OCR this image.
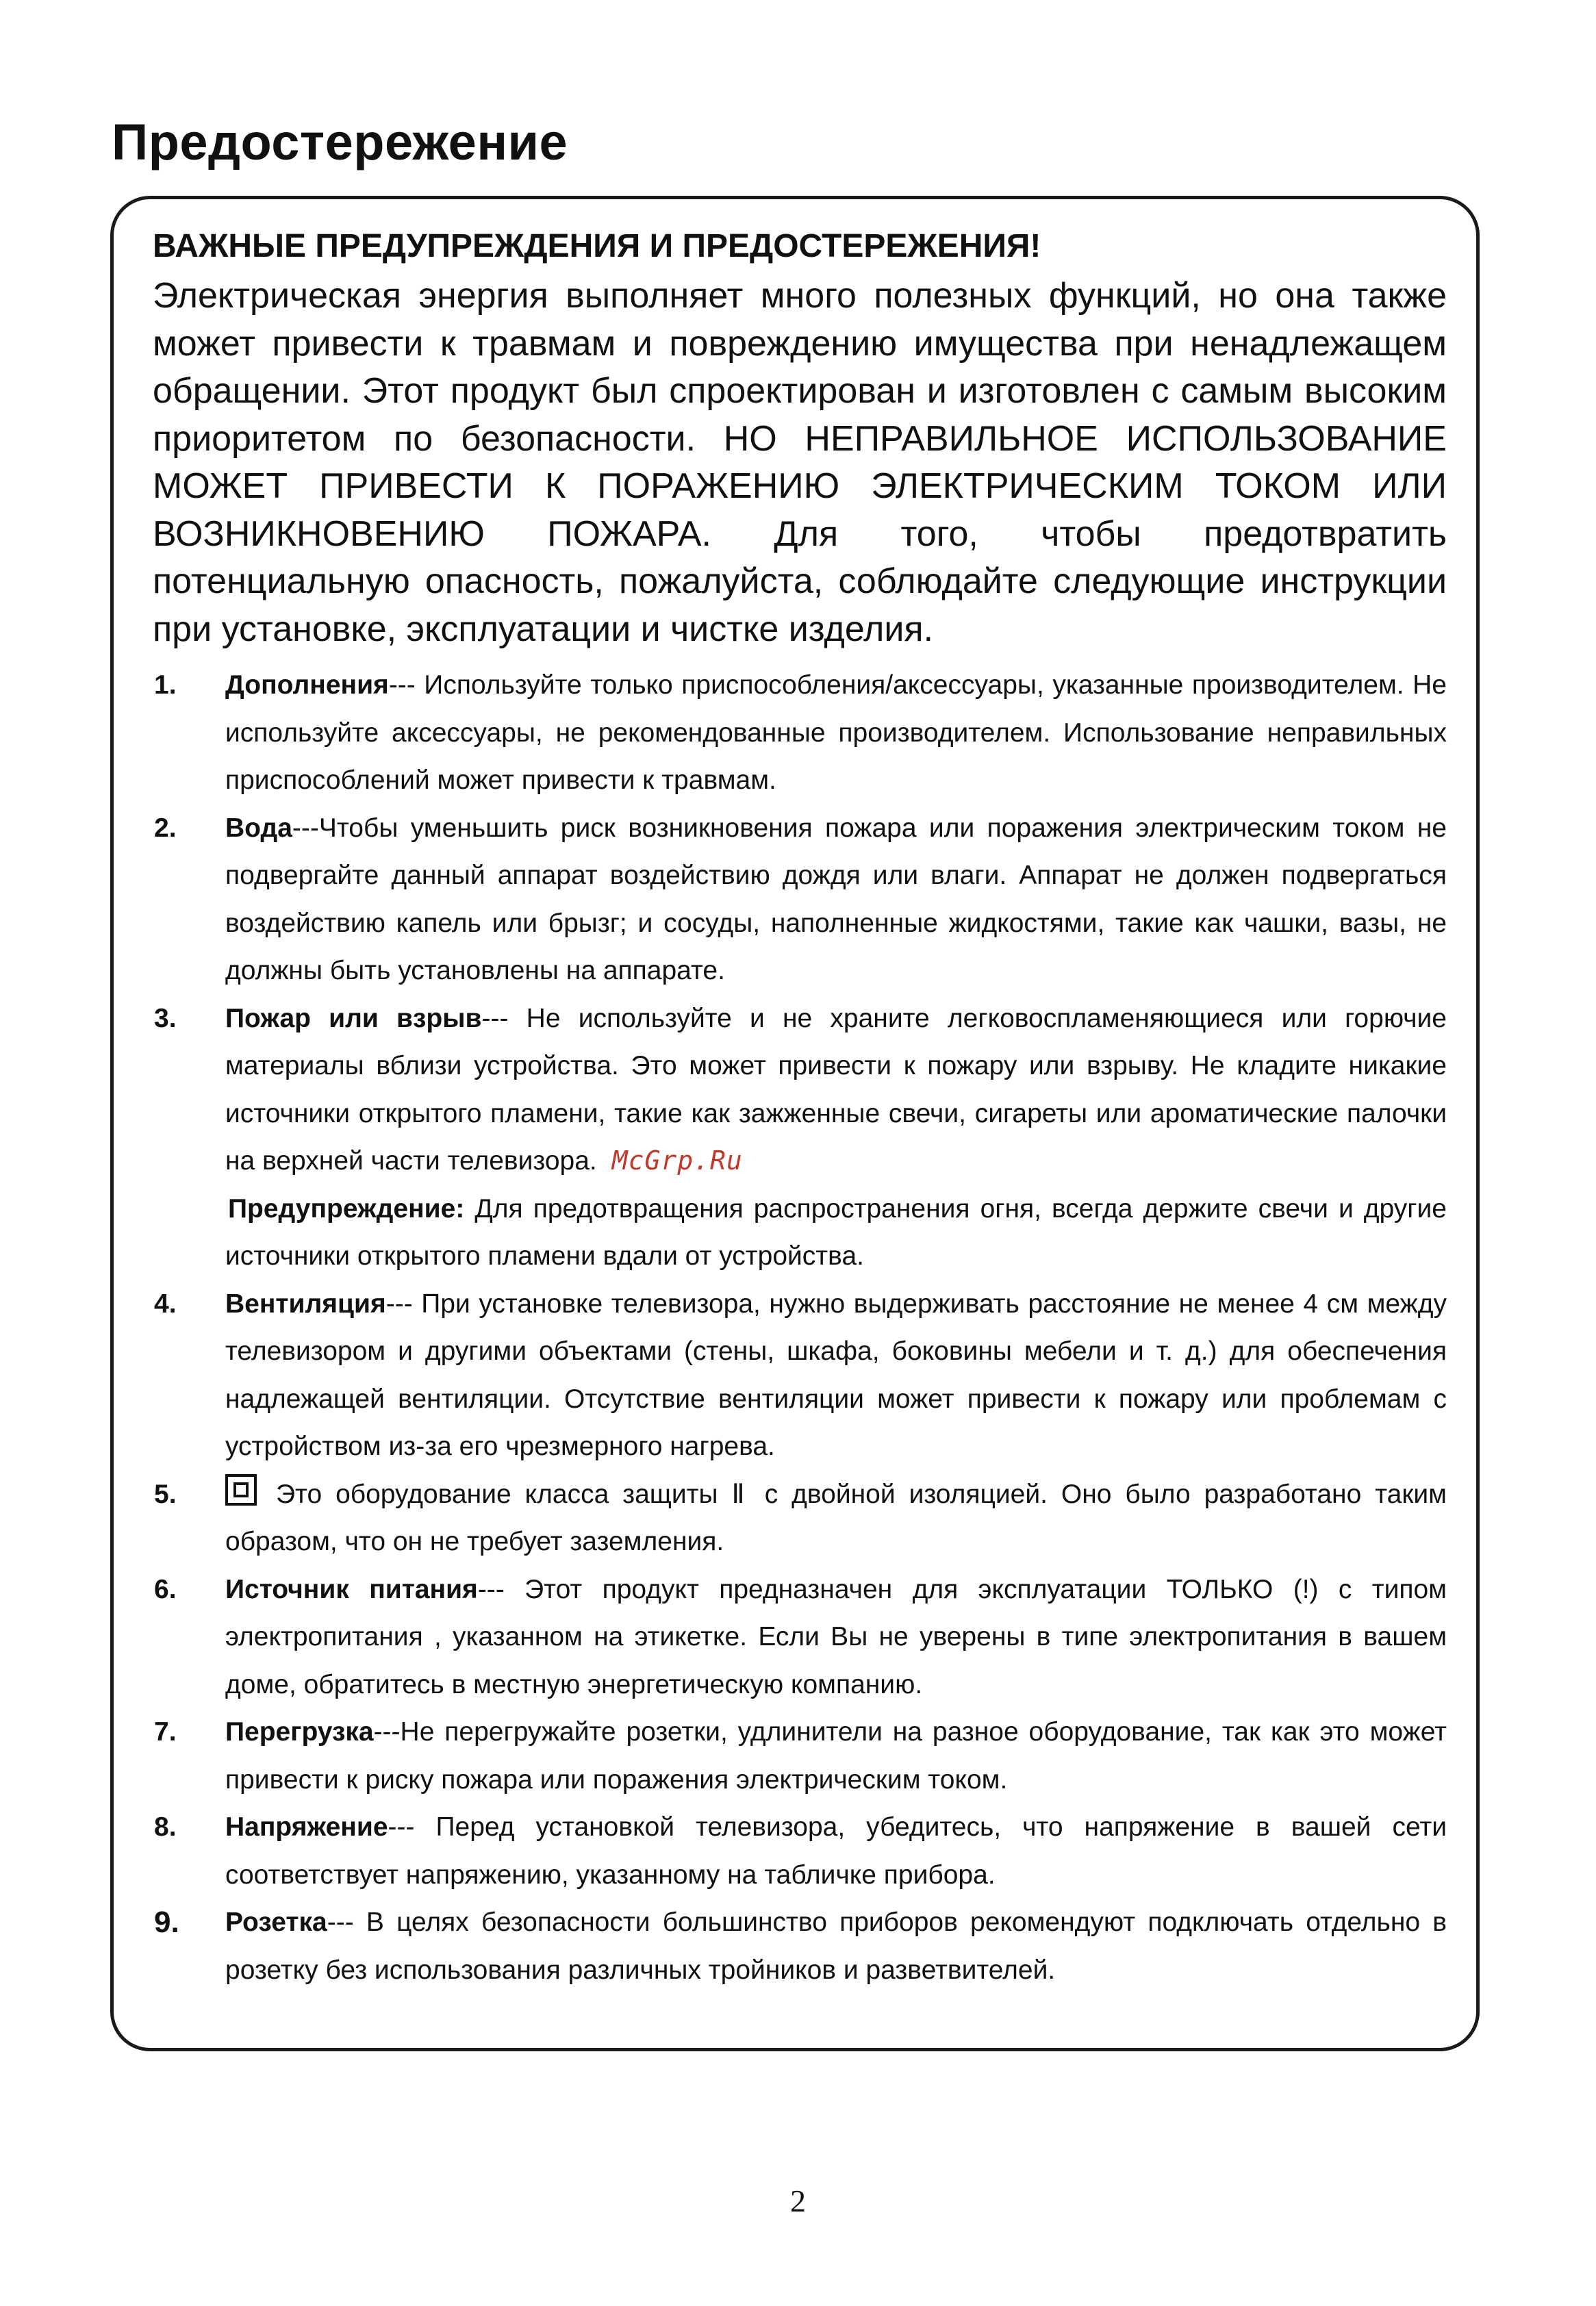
Предостережение
ВАЖНЫЕ ПРЕДУПРЕЖДЕНИЯ И ПРЕДОСТЕРЕЖЕНИЯ!

Электрическая энергия выполняет много полезных функций, но она также может привести к травмам и повреждению имущества при ненадлежащем обращении. Этот продукт был спроектирован и изготовлен с самым высоким приоритетом по безопасности. НО НЕПРАВИЛЬНОЕ ИСПОЛЬЗОВАНИЕ МОЖЕТ ПРИВЕСТИ К ПОРАЖЕНИЮ ЭЛЕКТРИЧЕСКИМ ТОКОМ ИЛИ ВОЗНИКНОВЕНИЮ ПОЖАРА. Для того, чтобы предотвратить потенциальную опасность, пожалуйста, соблюдайте следующие инструкции при установке, эксплуатации и чистке изделия.

1. Дополнения--- Используйте только приспособления/аксессуары, указанные производителем. Не используйте аксессуары, не рекомендованные производителем. Использование неправильных приспособлений может привести к травмам.

2. Вода---Чтобы уменьшить риск возникновения пожара или поражения электрическим током не подвергайте данный аппарат воздействию дождя или влаги. Аппарат не должен подвергаться воздействию капель или брызг; и сосуды, наполненные жидкостями, такие как чашки, вазы, не должны быть установлены на аппарате.

3. Пожар или взрыв--- Не используйте и не храните легковоспламеняющиеся или горючие материалы вблизи устройства. Это может привести к пожару или взрыву. Не кладите никакие источники открытого пламени, такие как зажженные свечи, сигареты или ароматические палочки на верхней части телевизора. McGrp.Ru

Предупреждение: Для предотвращения распространения огня, всегда держите свечи и другие источники открытого пламени вдали от устройства.

4. Вентиляция--- При установке телевизора, нужно выдерживать расстояние не менее 4 см между телевизором и другими объектами (стены, шкафа, боковины мебели и т. д.) для обеспечения надлежащей вентиляции. Отсутствие вентиляции может привести к пожару или проблемам с устройством из-за его чрезмерного нагрева.

5.	Это оборудование класса защиты Ⅱ с двойной изоляцией. Оно было разработано таким образом, что он не требует заземления.

6. Источник питания--- Этот продукт предназначен для эксплуатации ТОЛЬКО (!) с типом электропитания , указанном на этикетке. Если Вы не уверены в типе электропитания в вашем доме, обратитесь в местную энергетическую компанию.

7. Перегрузка---Не перегружайте розетки, удлинители на разное оборудование, так как это может привести к риску пожара или поражения электрическим током.

8. Напряжение--- Перед установкой телевизора, убедитесь, что напряжение в вашей сети соответствует напряжению, указанному на табличке прибора.

9. Розетка--- В целях безопасности большинство приборов рекомендуют подключать отдельно в розетку без использования различных тройников и разветвителей.

2
